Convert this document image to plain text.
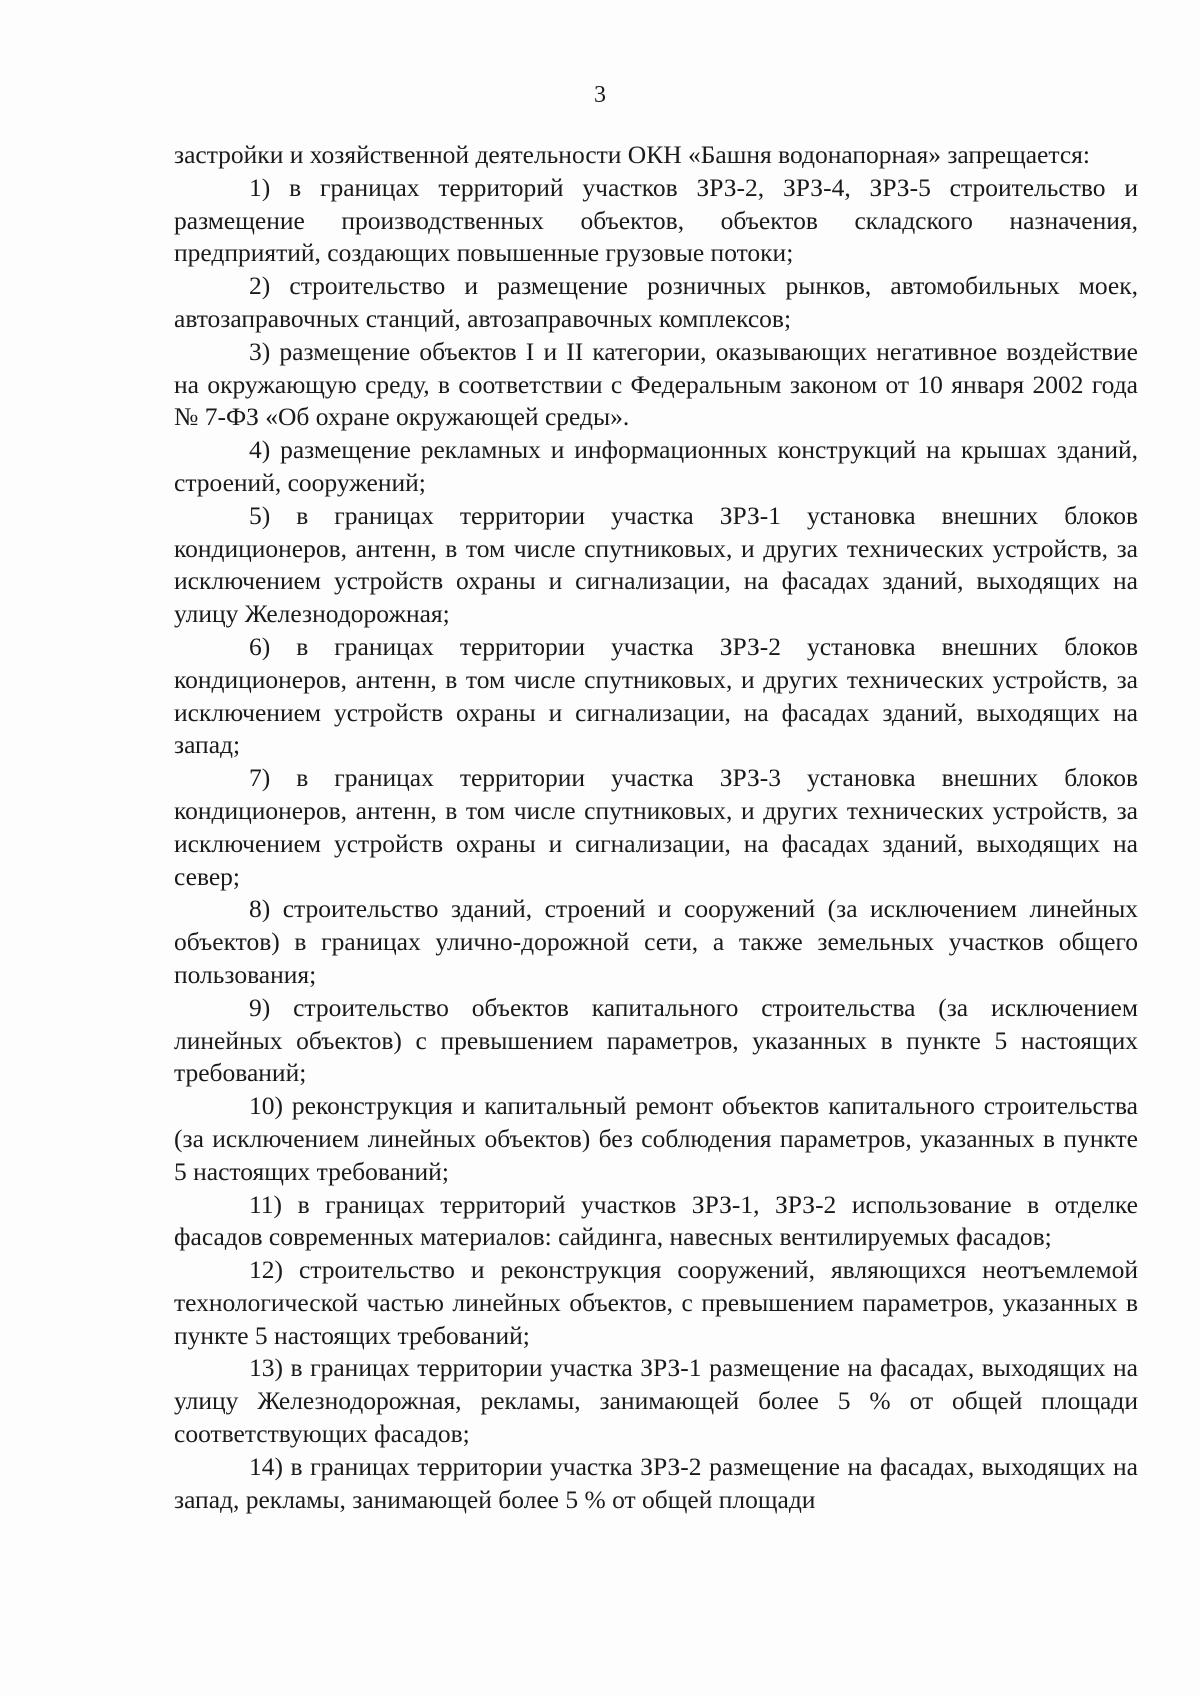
3

застройки и хозяйственной деятельности ОКН «Башня водонапорная» запрещается:

1) в границах территорий участков ЗРЗ-2, ЗРЗ-4, ЗРЗ-5 строительство и размещение производственных объектов, объектов складского назначения, предприятий, создающих повышенные грузовые потоки;

2) строительство и размещение розничных рынков, автомобильных моек, автозаправочных станций, автозаправочных комплексов;

3) размещение объектов I и II категории, оказывающих негативное воздействие на окружающую среду, в соответствии с Федеральным законом от 10 января 2002 года № 7-ФЗ «Об охране окружающей среды».

4) размещение рекламных и информационных конструкций на крышах зданий, строений, сооружений;

5) в границах территории участка ЗРЗ-1 установка внешних блоков кондиционеров, антенн, в том числе спутниковых, и других технических устройств, за исключением устройств охраны и сигнализации, на фасадах зданий, выходящих на улицу Железнодорожная;

6) в границах территории участка ЗРЗ-2 установка внешних блоков кондиционеров, антенн, в том числе спутниковых, и других технических устройств, за исключением устройств охраны и сигнализации, на фасадах зданий, выходящих на запад;

7) в границах территории участка ЗРЗ-3 установка внешних блоков кондиционеров, антенн, в том числе спутниковых, и других технических устройств, за исключением устройств охраны и сигнализации, на фасадах зданий, выходящих на север;

8) строительство зданий, строений и сооружений (за исключением линейных объектов) в границах улично-дорожной сети, а также земельных участков общего пользования;

9) строительство объектов капитального строительства (за исключением линейных объектов) с превышением параметров, указанных в пункте 5 настоящих требований;

10) реконструкция и капитальный ремонт объектов капитального строительства (за исключением линейных объектов) без соблюдения параметров, указанных в пункте 5 настоящих требований;

11) в границах территорий участков ЗРЗ-1, ЗРЗ-2 использование в отделке фасадов современных материалов: сайдинга, навесных вентилируемых фасадов;

12) строительство и реконструкция сооружений, являющихся неотъемлемой технологической частью линейных объектов, с превышением параметров, указанных в пункте 5 настоящих требований;

13) в границах территории участка ЗРЗ-1 размещение на фасадах, выходящих на улицу Железнодорожная, рекламы, занимающей более 5 % от общей площади соответствующих фасадов;

14) в границах территории участка ЗРЗ-2 размещение на фасадах, выходящих на запад, рекламы, занимающей более 5 % от общей площади
